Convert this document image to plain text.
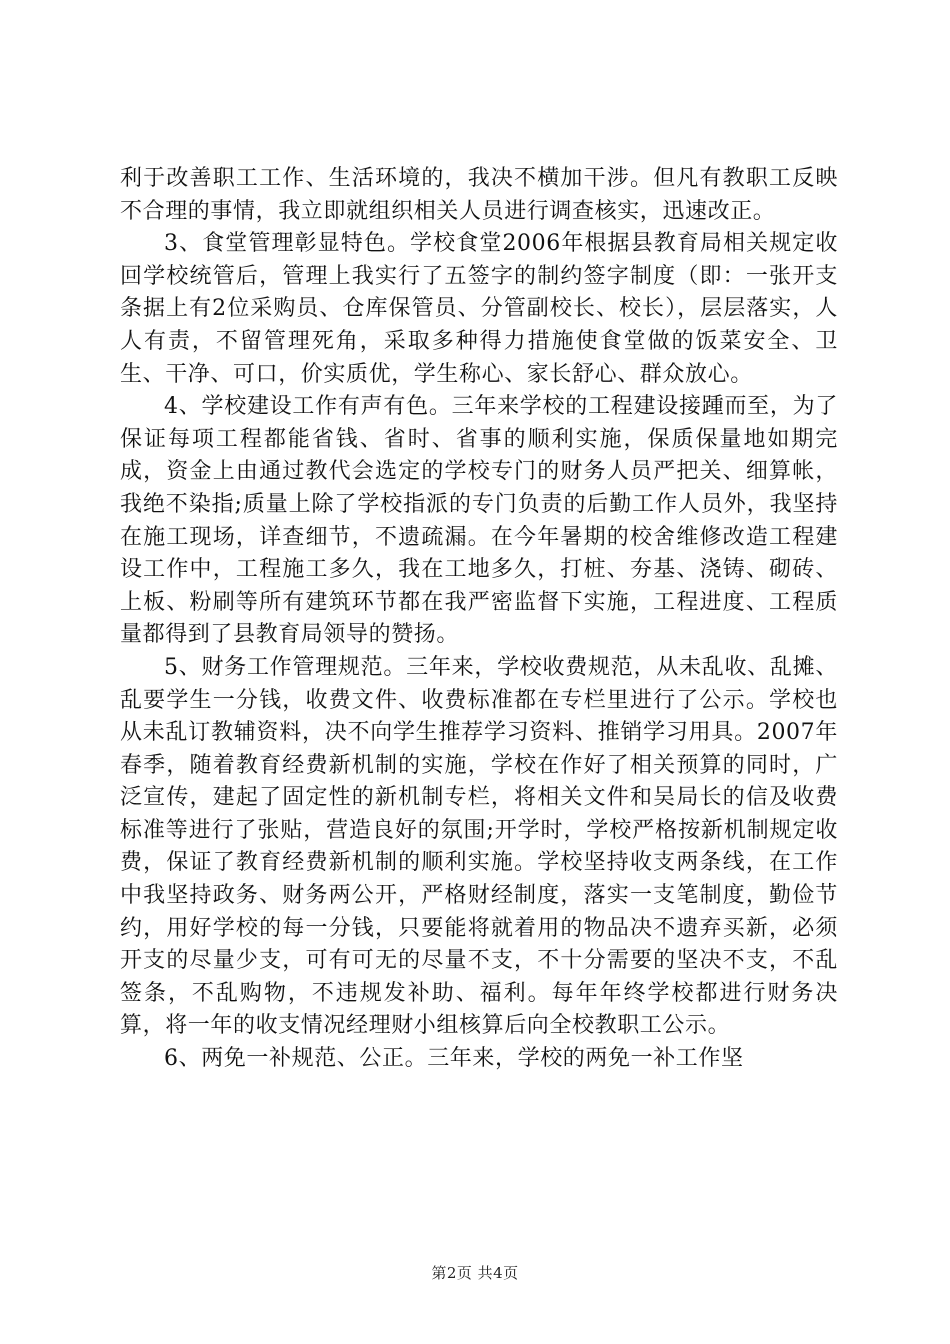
利于改善职工工作、生活环境的，我决不横加干涉。但凡有教职工反映不合理的事情，我立即就组织相关人员进行调查核实，迅速改正。

3、食堂管理彰显特色。学校食堂2006年根据县教育局相关规定收回学校统管后，管理上我实行了五签字的制约签字制度（即：一张开支条据上有2位采购员、仓库保管员、分管副校长、校长），层层落实，人人有责，不留管理死角，采取多种得力措施使食堂做的饭菜安全、卫生、干净、可口，价实质优，学生称心、家长舒心、群众放心。

4、学校建设工作有声有色。三年来学校的工程建设接踵而至，为了保证每项工程都能省钱、省时、省事的顺利实施，保质保量地如期完成，资金上由通过教代会选定的学校专门的财务人员严把关、细算帐，我绝不染指;质量上除了学校指派的专门负责的后勤工作人员外，我坚持在施工现场，详查细节，不遗疏漏。在今年暑期的校舍维修改造工程建设工作中，工程施工多久，我在工地多久，打桩、夯基、浇铸、砌砖、上板、粉刷等所有建筑环节都在我严密监督下实施，工程进度、工程质量都得到了县教育局领导的赞扬。

5、财务工作管理规范。三年来，学校收费规范，从未乱收、乱摊、乱要学生一分钱，收费文件、收费标准都在专栏里进行了公示。学校也从未乱订教辅资料，决不向学生推荐学习资料、推销学习用具。2007年春季，随着教育经费新机制的实施，学校在作好了相关预算的同时，广泛宣传，建起了固定性的新机制专栏，将相关文件和吴局长的信及收费标准等进行了张贴，营造良好的氛围;开学时，学校严格按新机制规定收费，保证了教育经费新机制的顺利实施。学校坚持收支两条线，在工作中我坚持政务、财务两公开，严格财经制度，落实一支笔制度，勤俭节约，用好学校的每一分钱，只要能将就着用的物品决不遗弃买新，必须开支的尽量少支，可有可无的尽量不支，不十分需要的坚决不支，不乱签条，不乱购物，不违规发补助、福利。每年年终学校都进行财务决算，将一年的收支情况经理财小组核算后向全校教职工公示。

6、两免一补规范、公正。三年来，学校的两免一补工作坚

第2页 共4页
